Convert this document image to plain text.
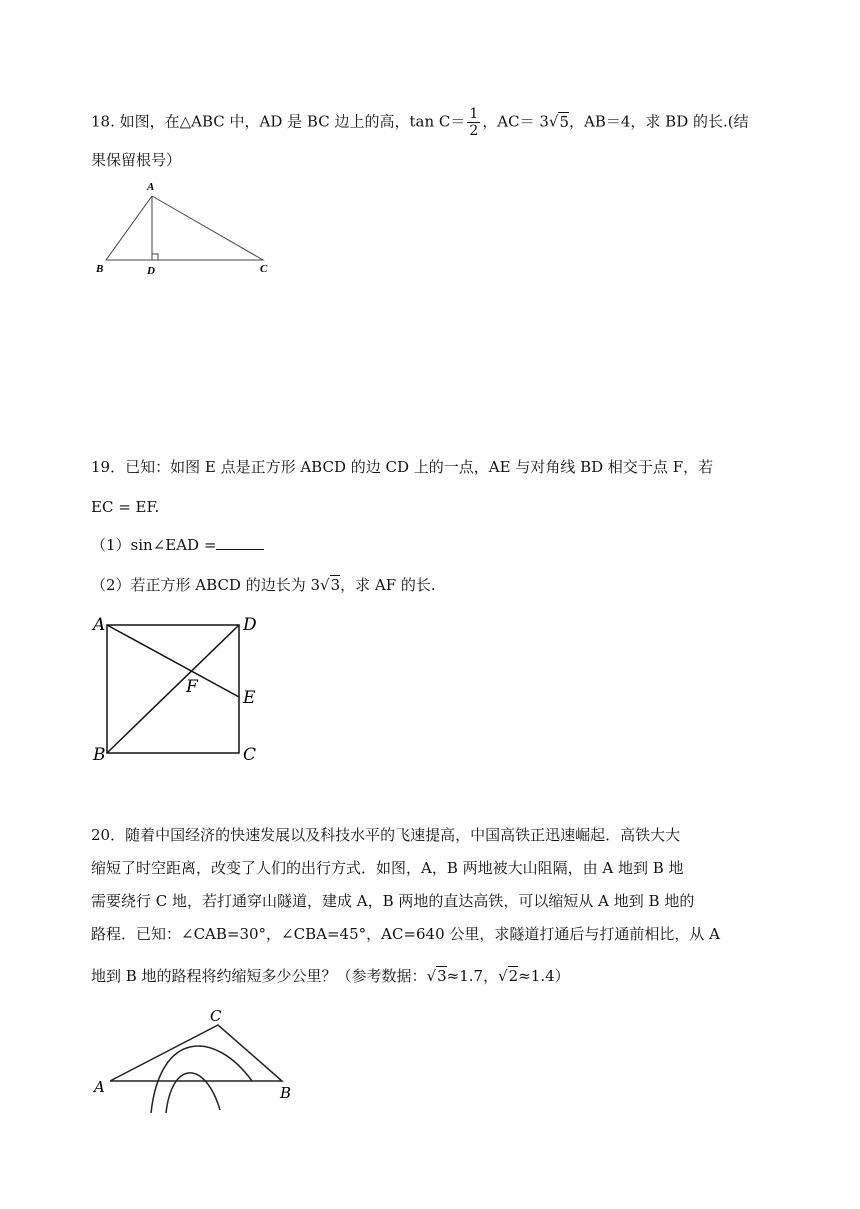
18. 如图，在△ABC 中，AD 是 BC 边上的高，$\tan C= \frac{1}{2}$ ，AC＝ 3√5，AB＝4，求 BD 的长.(结
果保留根号）
A
B	D	C
19．已知：如图 E 点是正方形 ABCD 的边 CD 上的一点，AE 与对角线 BD 相交于点 F，若
EC = EF.
（1）sin∠EAD =
（2）若正方形 ABCD 的边长为 3√3，求 AF 的长.
A	D
F
E
B	C
20．随着中国经济的快速发展以及科技水平的飞速提高，中国高铁正迅速崛起．高铁大大
缩短了时空距离，改变了人们的出行方式．如图，A，B 两地被大山阻隔，由 A 地到 B 地
需要绕行 C 地，若打通穿山隧道，建成 A，B 两地的直达高铁，可以缩短从 A 地到 B 地的
路程．已知：∠CAB=30°，∠CBA=45°，AC=640 公里，求隧道打通后与打通前相比，从 A
地到 B 地的路程将约缩短多少公里？（参考数据：√3≈1.7，√2≈1.4）
A
C
B
